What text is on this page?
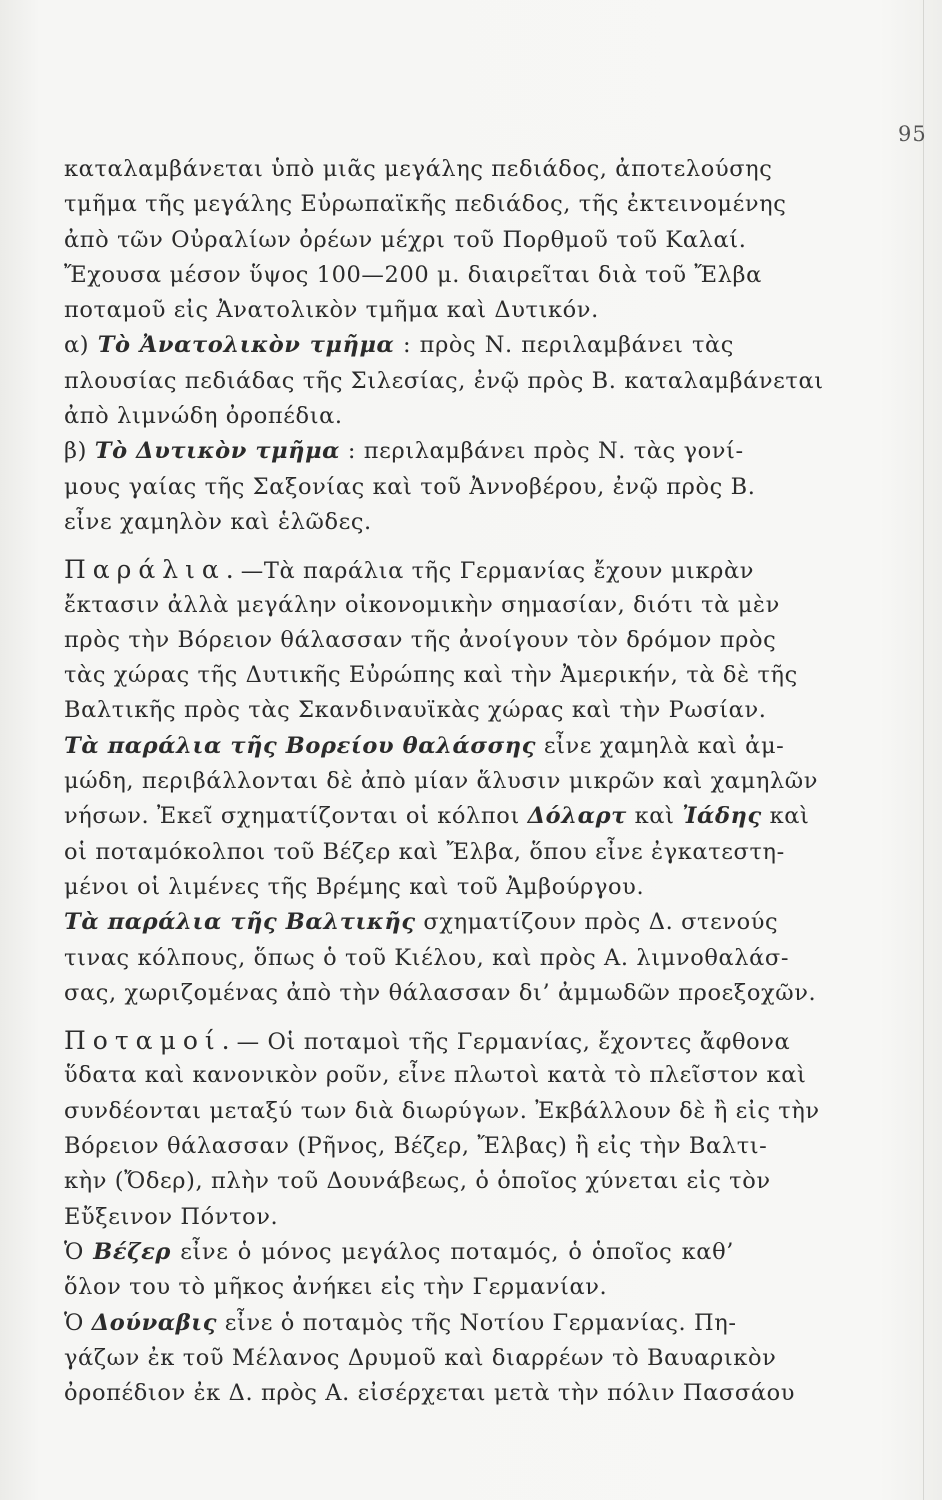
95
καταλαμβάνεται ὑπὸ μιᾶς μεγάλης πεδιάδος, ἀποτελούσης
τμῆμα τῆς μεγάλης Εὐρωπαϊκῆς πεδιάδος, τῆς ἐκτεινομένης
ἀπὸ τῶν Οὐραλίων ὀρέων μέχρι τοῦ Πορθμοῦ τοῦ Καλαί.
Ἔχουσα μέσον ὕψος 100—200 μ. διαιρεῖται διὰ τοῦ Ἔλβα
ποταμοῦ εἰς Ἀνατολικὸν τμῆμα καὶ Δυτικόν.
α) Τὸ Ἀνατολικὸν τμῆμα : πρὸς Ν. περιλαμβάνει τὰς
πλουσίας πεδιάδας τῆς Σιλεσίας, ἐνῷ πρὸς Β. καταλαμβάνεται
ἀπὸ λιμνώδη ὀροπέδια.
β) Τὸ Δυτικὸν τμῆμα : περιλαμβάνει πρὸς Ν. τὰς γονί-
μους γαίας τῆς Σαξονίας καὶ τοῦ Ἀννοβέρου, ἐνῷ πρὸς Β.
εἶνε χαμηλὸν καὶ ἑλῶδες.
Παράλια.—Τὰ παράλια τῆς Γερμανίας ἔχουν μικρὰν
ἔκτασιν ἀλλὰ μεγάλην οἰκονομικὴν σημασίαν, διότι τὰ μὲν
πρὸς τὴν Βόρειον θάλασσαν τῆς ἀνοίγουν τὸν δρόμον πρὸς
τὰς χώρας τῆς Δυτικῆς Εὐρώπης καὶ τὴν Ἀμερικήν, τὰ δὲ τῆς
Βαλτικῆς πρὸς τὰς Σκανδιναυϊκὰς χώρας καὶ τὴν Ρωσίαν.
Τὰ παράλια τῆς Βορείου θαλάσσης εἶνε χαμηλὰ καὶ ἀμ-
μώδη, περιβάλλονται δὲ ἀπὸ μίαν ἅλυσιν μικρῶν καὶ χαμηλῶν
νήσων. Ἐκεῖ σχηματίζονται οἱ κόλποι Δόλαρτ καὶ Ἰάδης καὶ
οἱ ποταμόκολποι τοῦ Βέζερ καὶ Ἔλβα, ὅπου εἶνε ἐγκατεστη-
μένοι οἱ λιμένες τῆς Βρέμης καὶ τοῦ Ἀμβούργου.
Τὰ παράλια τῆς Βαλτικῆς σχηματίζουν πρὸς Δ. στενούς
τινας κόλπους, ὅπως ὁ τοῦ Κιέλου, καὶ πρὸς Α. λιμνοθαλάσ-
σας, χωριζομένας ἀπὸ τὴν θάλασσαν δι’ ἀμμωδῶν προεξοχῶν.
Ποταμοί.— Οἱ ποταμοὶ τῆς Γερμανίας, ἔχοντες ἄφθονα
ὕδατα καὶ κανονικὸν ροῦν, εἶνε πλωτοὶ κατὰ τὸ πλεῖστον καὶ
συνδέονται μεταξύ των διὰ διωρύγων. Ἐκβάλλουν δὲ ἢ εἰς τὴν
Βόρειον θάλασσαν (Ρῆνος, Βέζερ, Ἔλβας) ἢ εἰς τὴν Βαλτι-
κὴν (Ὄδερ), πλὴν τοῦ Δουνάβεως, ὁ ὁποῖος χύνεται εἰς τὸν
Εὔξεινον Πόντον.
Ὁ Βέζερ εἶνε ὁ μόνος μεγάλος ποταμός, ὁ ὁποῖος καθ’
ὅλον του τὸ μῆκος ἀνήκει εἰς τὴν Γερμανίαν.
Ὁ Δούναβις εἶνε ὁ ποταμὸς τῆς Νοτίου Γερμανίας. Πη-
γάζων ἐκ τοῦ Μέλανος Δρυμοῦ καὶ διαρρέων τὸ Βαυαρικὸν
ὀροπέδιον ἐκ Δ. πρὸς Α. εἰσέρχεται μετὰ τὴν πόλιν Πασσάου
